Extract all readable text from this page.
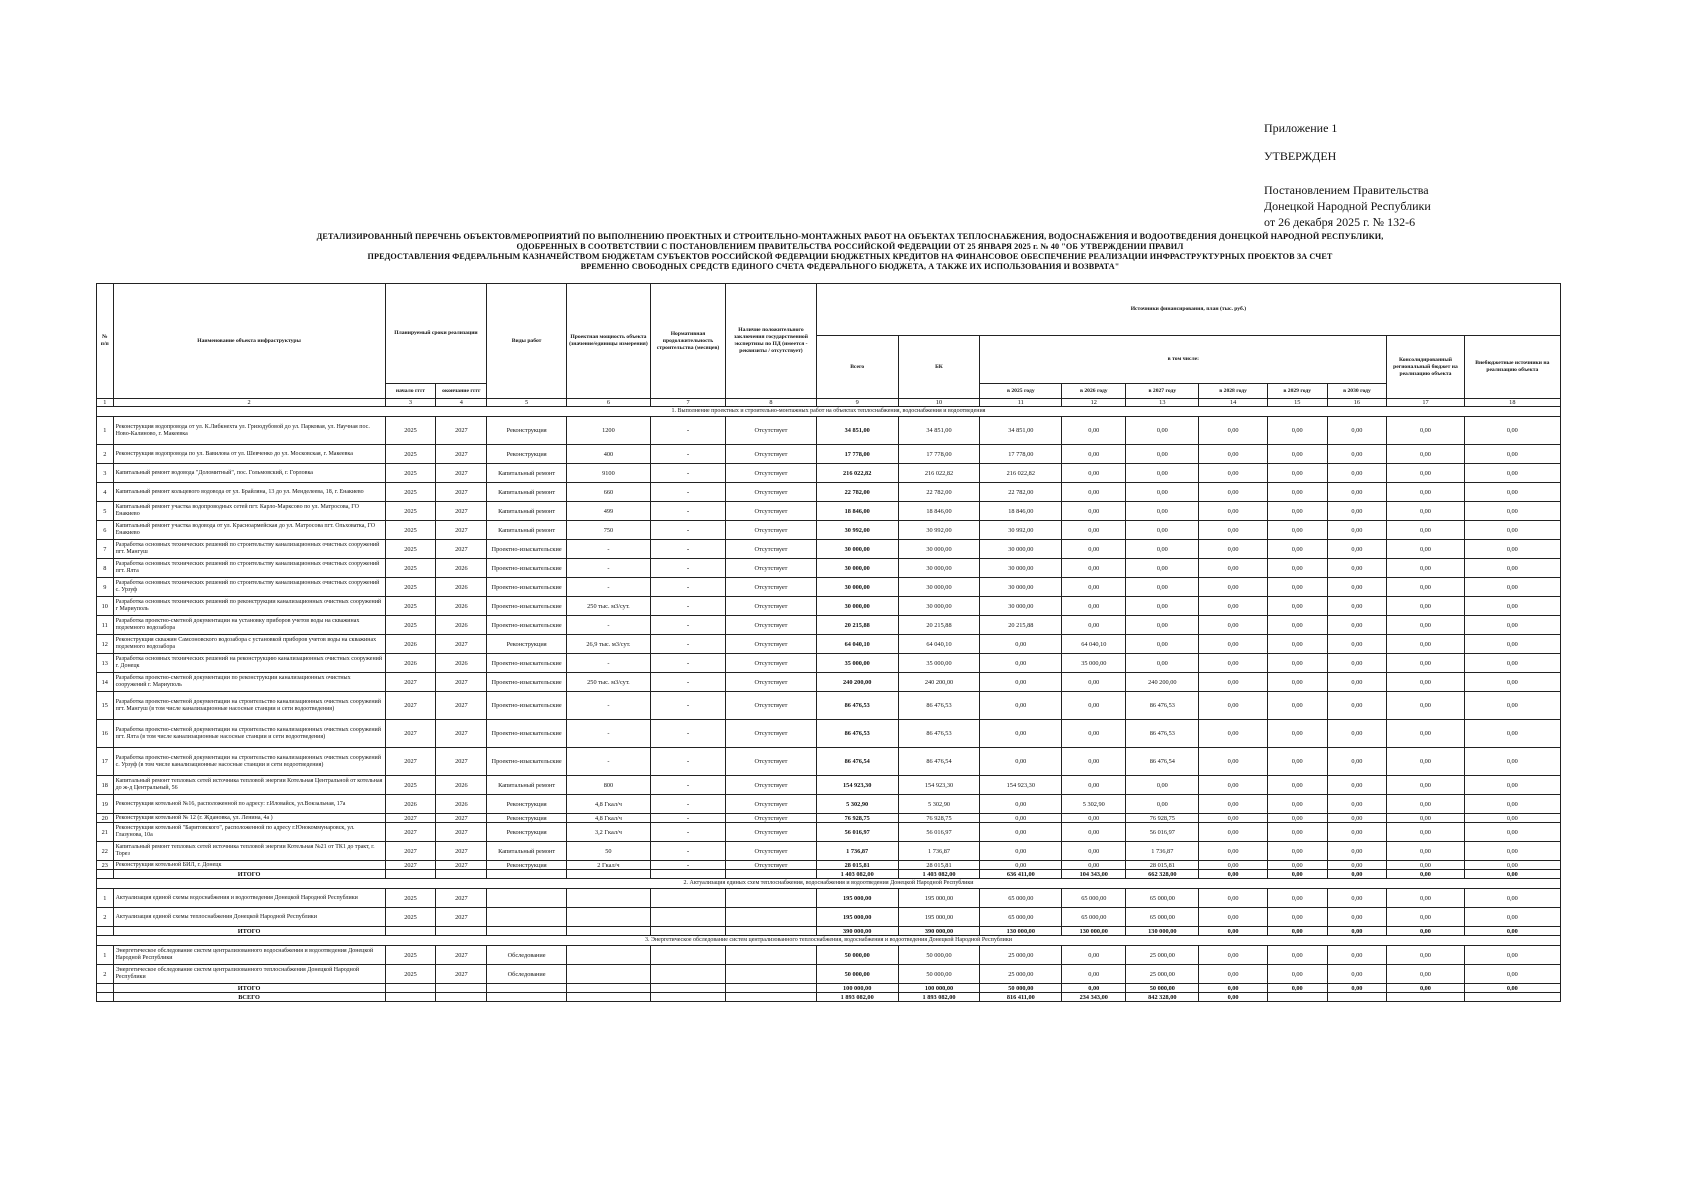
Приложение 1
УТВЕРЖДЕН
Постановлением Правительства
Донецкой Народной Республики
от 26 декабря 2025 г. № 132-6
ДЕТАЛИЗИРОВАННЫЙ ПЕРЕЧЕНЬ ОБЪЕКТОВ/МЕРОПРИЯТИЙ ПО ВЫПОЛНЕНИЮ ПРОЕКТНЫХ И СТРОИТЕЛЬНО-МОНТАЖНЫХ РАБОТ НА ОБЪЕКТАХ ТЕПЛОСНАБЖЕНИЯ, ВОДОСНАБЖЕНИЯ И ВОДООТВЕДЕНИЯ ДОНЕЦКОЙ НАРОДНОЙ РЕСПУБЛИКИ,
ОДОБРЕННЫХ В СООТВЕТСТВИИ С ПОСТАНОВЛЕНИЕМ ПРАВИТЕЛЬСТВА РОССИЙСКОЙ ФЕДЕРАЦИИ ОТ 25 ЯНВАРЯ 2025 г. № 40 "ОБ УТВЕРЖДЕНИИ ПРАВИЛ
ПРЕДОСТАВЛЕНИЯ ФЕДЕРАЛЬНЫМ КАЗНАЧЕЙСТВОМ БЮДЖЕТАМ СУБЪЕКТОВ РОССИЙСКОЙ ФЕДЕРАЦИИ БЮДЖЕТНЫХ КРЕДИТОВ НА ФИНАНСОВОЕ ОБЕСПЕЧЕНИЕ РЕАЛИЗАЦИИ ИНФРАСТРУКТУРНЫХ ПРОЕКТОВ ЗА СЧЕТ
ВРЕМЕННО СВОБОДНЫХ СРЕДСТВ ЕДИНОГО СЧЕТА ФЕДЕРАЛЬНОГО БЮДЖЕТА, А ТАКЖЕ ИХ ИСПОЛЬЗОВАНИЯ И ВОЗВРАТА"
№ п/п	Наименование объекта инфраструктуры	Планируемый сроки реализации		Виды работ	Проектная мощность объекта (значение/единицы измерения)	Нормативная продолжительность строительства (месяцев)	Наличие положительного заключения государственной экспертизы по ПД (имеется - реквизиты / отсутствует)	Источники финансирования, план (тыс. руб.)									
								Всего	БК	в том числе:						Консолидированный региональный бюджет на реализацию объекта	Внебюджетные источники на реализацию объекта
		начало гггг	окончание гггг							в 2025 году	в 2026 году	в 2027 году	в 2028 году	в 2029 году	в 2030 году		
1	2	3	4	5	6	7	8	9	10	11	12	13	14	15	16	17	18
1. Выполнение проектных и строительно-монтажных работ на объектах теплоснабжения, водоснабжения и водоотведения																	
1	Реконструкция водопровода от ул. К.Либкнехта ул. Гризодубовой до ул. Парковая, ул. Научная пос. Ново-Калиново, г. Макеевка	2025	2027	Реконструкция	1200	-	Отсутствует	34 851,00	34 851,00	34 851,00	0,00	0,00	0,00	0,00	0,00	0,00	0,00
2	Реконструкция водопровода по ул. Вавилова от ул. Шевченко до ул. Московская, г. Макеевка	2025	2027	Реконструкция	400	-	Отсутствует	17 778,00	17 778,00	17 778,00	0,00	0,00	0,00	0,00	0,00	0,00	0,00
3	Капитальный ремонт водовода "Доломитный", пос. Гольмовский, г. Горловка	2025	2027	Капитальный ремонт	9100	-	Отсутствует	216 022,82	216 022,82	216 022,82	0,00	0,00	0,00	0,00	0,00	0,00	0,00
4	Капитальный ремонт кольцевого водовода от ул. Брайляна, 13 до ул. Менделеева, 18, г. Енакиево	2025	2027	Капитальный ремонт	660	-	Отсутствует	22 782,00	22 782,00	22 782,00	0,00	0,00	0,00	0,00	0,00	0,00	0,00
5	Капитальный ремонт участка водопроводных сетей пгт. Карло-Марксово по ул. Матросова, ГО Енакиево	2025	2027	Капитальный ремонт	499	-	Отсутствует	18 846,00	18 846,00	18 846,00	0,00	0,00	0,00	0,00	0,00	0,00	0,00
6	Капитальный ремонт участка водовода от ул. Красноармейская до ул. Матросова пгт. Ольховатка, ГО Енакиево	2025	2027	Капитальный ремонт	750	-	Отсутствует	30 992,00	30 992,00	30 992,00	0,00	0,00	0,00	0,00	0,00	0,00	0,00
7	Разработка основных технических решений по строительству канализационных очистных сооружений пгт. Мангуш	2025	2027	Проектно-изыскательские	-	-	Отсутствует	30 000,00	30 000,00	30 000,00	0,00	0,00	0,00	0,00	0,00	0,00	0,00
8	Разработка основных технических решений по строительству канализационных очистных сооружений пгт. Ялта	2025	2026	Проектно-изыскательские	-	-	Отсутствует	30 000,00	30 000,00	30 000,00	0,00	0,00	0,00	0,00	0,00	0,00	0,00
9	Разработка основных технических решений по строительству канализационных очистных сооружений с. Урзуф	2025	2026	Проектно-изыскательские	-	-	Отсутствует	30 000,00	30 000,00	30 000,00	0,00	0,00	0,00	0,00	0,00	0,00	0,00
10	Разработка основных технических решений по реконструкции канализационных очистных сооружений г Мариуполь	2025	2026	Проектно-изыскательские	250 тыс. м3/сут.	-	Отсутствует	30 000,00	30 000,00	30 000,00	0,00	0,00	0,00	0,00	0,00	0,00	0,00
11	Разработка проектно-сметной документации на установку приборов учетов воды на скважинах подземного водозабора	2025	2026	Проектно-изыскательские	-	-	Отсутствует	20 215,88	20 215,88	20 215,88	0,00	0,00	0,00	0,00	0,00	0,00	0,00
12	Реконструкция скважин Самсоновского водозабора с установкой приборов учетов воды на скважинах подземного водозабора	2026	2027	Реконструкция	26,9 тыс. м3/сут.	-	Отсутствует	64 040,10	64 040,10	0,00	64 040,10	0,00	0,00	0,00	0,00	0,00	0,00
13	Разработка основных технических решений на реконструкцию канализационных очистных сооружений г. Донецк	2026	2026	Проектно-изыскательские	-	-	Отсутствует	35 000,00	35 000,00	0,00	35 000,00	0,00	0,00	0,00	0,00	0,00	0,00
14	Разработка проектно-сметной документации по реконструкции канализационных очистных сооружений г. Мариуполь	2027	2027	Проектно-изыскательские	250 тыс. м3/сут.	-	Отсутствует	240 200,00	240 200,00	0,00	0,00	240 200,00	0,00	0,00	0,00	0,00	0,00
15	Разработка проектно-сметной документации на строительство канализационных очистных сооружений пгт. Мангуш (в том числе канализационные насосные станции и сети водоотведения)	2027	2027	Проектно-изыскательские	-	-	Отсутствует	86 476,53	86 476,53	0,00	0,00	86 476,53	0,00	0,00	0,00	0,00	0,00
16	Разработка проектно-сметной документации на строительство канализационных очистных сооружений пгт. Ялта (в том числе канализационные насосные станции и сети водоотведения)	2027	2027	Проектно-изыскательские	-	-	Отсутствует	86 476,53	86 476,53	0,00	0,00	86 476,53	0,00	0,00	0,00	0,00	0,00
17	Разработка проектно-сметной документации на строительство канализационных очистных сооружений с. Урзуф (в том числе канализационные насосные станции и сети водоотведения)	2027	2027	Проектно-изыскательские	-	-	Отсутствует	86 476,54	86 476,54	0,00	0,00	86 476,54	0,00	0,00	0,00	0,00	0,00
18	Капитальный ремонт тепловых сетей источника тепловой энергии Котельная Центральной от котельная до ж-д Центральный, 56	2025	2026	Капитальный ремонт	800	-	Отсутствует	154 923,30	154 923,30	154 923,30	0,00	0,00	0,00	0,00	0,00	0,00	0,00
19	Реконструкция котельной №16, расположенной по адресу: г.Иловайск, ул.Вокзальная, 17а	2026	2026	Реконструкция	4,8 Гкал/ч	-	Отсутствует	5 302,90	5 302,90	0,00	5 302,90	0,00	0,00	0,00	0,00	0,00	0,00
20	Реконструкция котельной № 12 (г. Ждановка, ул. Ленина, 4а )	2027	2027	Реконструкция	4,8 Гкал/ч	-	Отсутствует	76 928,75	76 928,75	0,00	0,00	76 928,75	0,00	0,00	0,00	0,00	0,00
21	Реконструкция котельной "Баритовского", расположенной по адресу г.Юнокоммунаровск, ул. Глазунова, 10а	2027	2027	Реконструкция	3,2 Гкал/ч	-	Отсутствует	56 016,97	56 016,97	0,00	0,00	56 016,97	0,00	0,00	0,00	0,00	0,00
22	Капитальный ремонт тепловых сетей источника тепловой энергии Котельная №21 от ТК1 до тракт, г. Торез	2027	2027	Капитальный ремонт	50	-	Отсутствует	1 736,87	1 736,87	0,00	0,00	1 736,87	0,00	0,00	0,00	0,00	0,00
23	Реконструкция котельной БИЛ, г. Донецк	2027	2027	Реконструкция	2 Гкал/ч	-	Отсутствует	28 015,81	28 015,81	0,00	0,00	28 015,81	0,00	0,00	0,00	0,00	0,00
	ИТОГО							1 403 082,00	1 403 082,00	636 411,00	104 343,00	662 328,00	0,00	0,00	0,00	0,00	0,00
2. Актуализация единых схем теплоснабжения, водоснабжения и водоотведения Донецкой Народной Республики																	
1	Актуализация единой схемы водоснабжения и водоотведения Донецкой Народной Республики	2025	2027					195 000,00	195 000,00	65 000,00	65 000,00	65 000,00	0,00	0,00	0,00	0,00	0,00
2	Актуализация единой схемы теплоснабжения Донецкой Народной Республики	2025	2027					195 000,00	195 000,00	65 000,00	65 000,00	65 000,00	0,00	0,00	0,00	0,00	0,00
	ИТОГО							390 000,00	390 000,00	130 000,00	130 000,00	130 000,00	0,00	0,00	0,00	0,00	0,00
3. Энергетическое обследование систем централизованного теплоснабжения, водоснабжения и водоотведения Донецкой Народной Республики																	
1	Энергетическое обследование систем централизованного водоснабжения и водоотведения Донецкой Народной Республики	2025	2027	Обследование				50 000,00	50 000,00	25 000,00	0,00	25 000,00	0,00	0,00	0,00	0,00	0,00
2	Энергетическое обследование систем централизованного теплоснабжения Донецкой Народной Республики	2025	2027	Обследование				50 000,00	50 000,00	25 000,00	0,00	25 000,00	0,00	0,00	0,00	0,00	0,00
	ИТОГО							100 000,00	100 000,00	50 000,00	0,00	50 000,00	0,00	0,00	0,00	0,00	0,00
	ВСЕГО							1 893 082,00	1 893 082,00	816 411,00	234 343,00	842 328,00	0,00				
